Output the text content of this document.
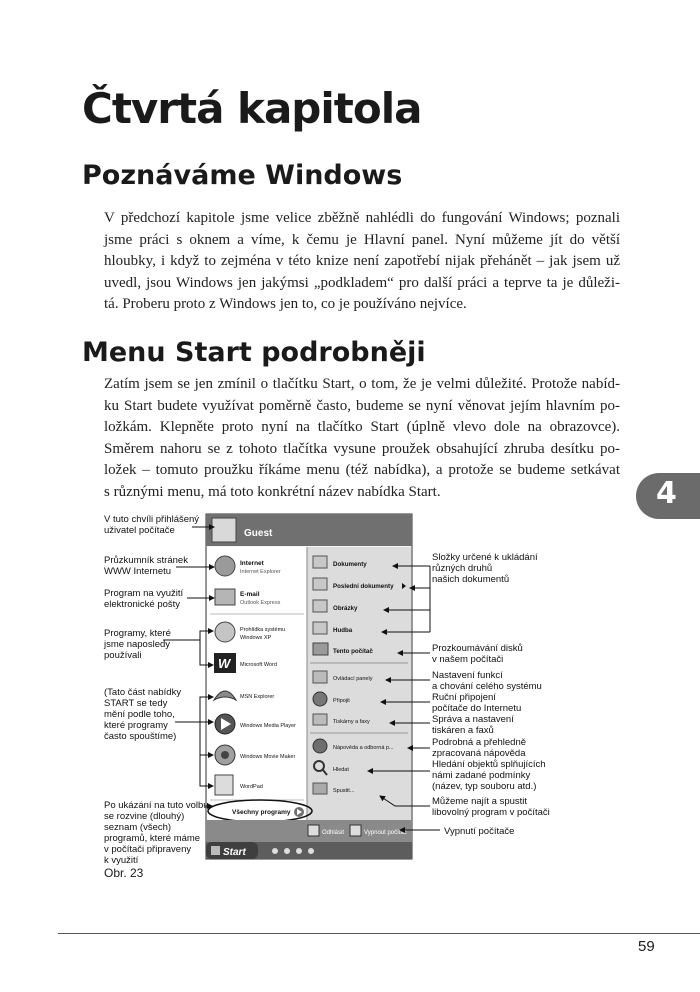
Čtvrtá kapitola
Poznáváme Windows
V předchozí kapitole jsme velice zběžně nahlédli do fungování Windows; poznali
jsme práci s oknem a víme, k čemu je Hlavní panel. Nyní můžeme jít do větší
hloubky, i když to zejména v této knize není zapotřebí nijak přehánět – jak jsem už
uvedl, jsou Windows jen jakýmsi „podkladem“ pro další práci a teprve ta je důleži-
tá. Proberu proto z Windows jen to, co je používáno nejvíce.
Menu Start podrobněji
Zatím jsem se jen zmínil o tlačítku Start, o tom, že je velmi důležité. Protože nabíd-
ku Start budete využívat poměrně často, budeme se nyní věnovat jejím hlavním po-
ložkám. Klepněte proto nyní na tlačítko Start (úplně vlevo dole na obrazovce).
Směrem nahoru se z tohoto tlačítka vysune proužek obsahující zhruba desítku po-
ložek – tomuto proužku říkáme menu (též nabídka), a protože se budeme setkávat
s různými menu, má toto konkrétní název nabídka Start.	4
Guest
Internet
Internet Explorer
E-mail
Outlook Express
Prohlídka systému
Windows XP
W	Microsoft Word
MSN Explorer
Windows Media Player
Windows Movie Maker
WordPad
Všechny programy
Dokumenty
Poslední dokumenty
Obrázky
Hudba
Tento počítač
Ovládací panely
Připojit
Tiskárny a faxy
Nápověda a odborná p...
Hledat
Spustit...
Odhlásit	Vypnout počítač
Start
V tuto chvíli přihlášený
uživatel počítače
Průzkumník stránek
WWW Internetu
Program na využití
elektronické pošty
Programy, které
jsme naposledy
používali
(Tato část nabídky
START se tedy
mění podle toho,
které programy
často spouštíme)
Po ukázání na tuto volbu
se rozvine (dlouhý)
seznam (všech)
programů, které máme
v počítači připraveny
k využití
Složky určené k ukládání
různých druhů
našich dokumentů
Prozkoumávání disků
v našem počítači
Nastavení funkcí
a chování celého systému
Ruční připojení
počítače do Internetu
Správa a nastavení
tiskáren a faxů
Podrobná a přehledně
zpracovaná nápověda
Hledání objektů splňujících
námi zadané podmínky
(název, typ souboru atd.)
Můžeme najít a spustit
libovolný program v počítači
Vypnutí počítače
Obr. 23
59
